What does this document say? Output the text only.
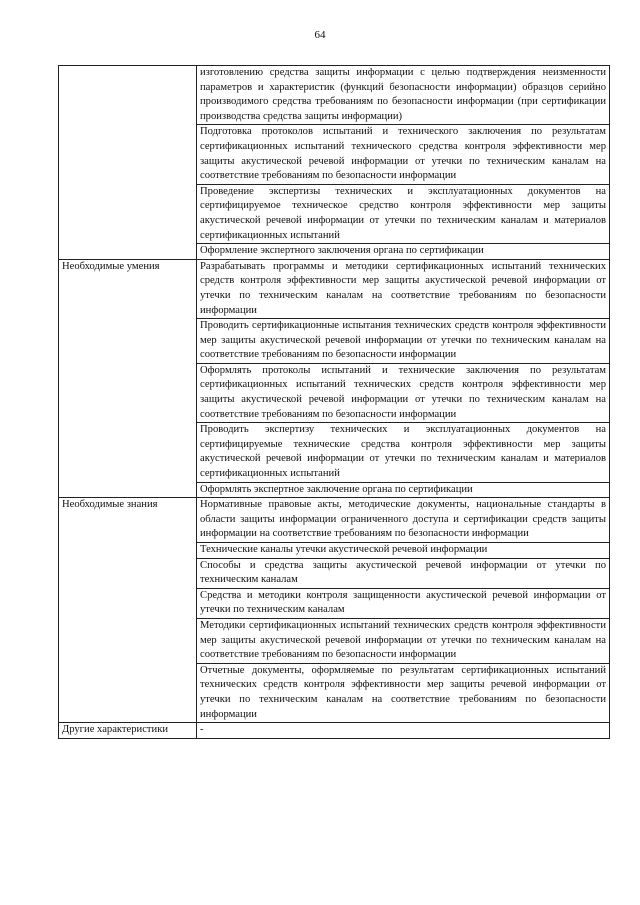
64
	изготовлению средства защиты информации с целью подтверждения неизменности параметров и характеристик (функций безопасности информации) образцов серийно производимого средства требованиям по безопасности информации (при сертификации производства средства защиты информации)
	Подготовка протоколов испытаний и технического заключения по результатам сертификационных испытаний технического средства контроля эффективности мер защиты акустической речевой информации от утечки по техническим каналам на соответствие требованиям по безопасности информации
	Проведение экспертизы технических и эксплуатационных документов на сертифицируемое техническое средство контроля эффективности мер защиты акустической речевой информации от утечки по техническим каналам и материалов сертификационных испытаний
	Оформление экспертного заключения органа по сертификации
Необходимые умения	Разрабатывать программы и методики сертификационных испытаний технических средств контроля эффективности мер защиты акустической речевой информации от утечки по техническим каналам на соответствие требованиям по безопасности информации
	Проводить сертификационные испытания технических средств контроля эффективности мер защиты акустической речевой информации от утечки по техническим каналам на соответствие требованиям по безопасности информации
	Оформлять протоколы испытаний и технические заключения по результатам сертификационных испытаний технических средств контроля эффективности мер защиты акустической речевой информации от утечки по техническим каналам на соответствие требованиям по безопасности информации
	Проводить экспертизу технических и эксплуатационных документов на сертифицируемые технические средства контроля эффективности мер защиты акустической речевой информации от утечки по техническим каналам и материалов сертификационных испытаний
	Оформлять экспертное заключение органа по сертификации
Необходимые знания	Нормативные правовые акты, методические документы, национальные стандарты в области защиты информации ограниченного доступа и сертификации средств защиты информации на соответствие требованиям по безопасности информации
	Технические каналы утечки акустической речевой информации
	Способы и средства защиты акустической речевой информации от утечки по техническим каналам
	Средства и методики контроля защищенности акустической речевой информации от утечки по техническим каналам
	Методики сертификационных испытаний технических средств контроля эффективности мер защиты акустической речевой информации от утечки по техническим каналам на соответствие требованиям по безопасности информации
	Отчетные документы, оформляемые по результатам сертификационных испытаний технических средств контроля эффективности мер защиты речевой информации от утечки по техническим каналам на соответствие требованиям по безопасности информации
Другие характеристики	-
